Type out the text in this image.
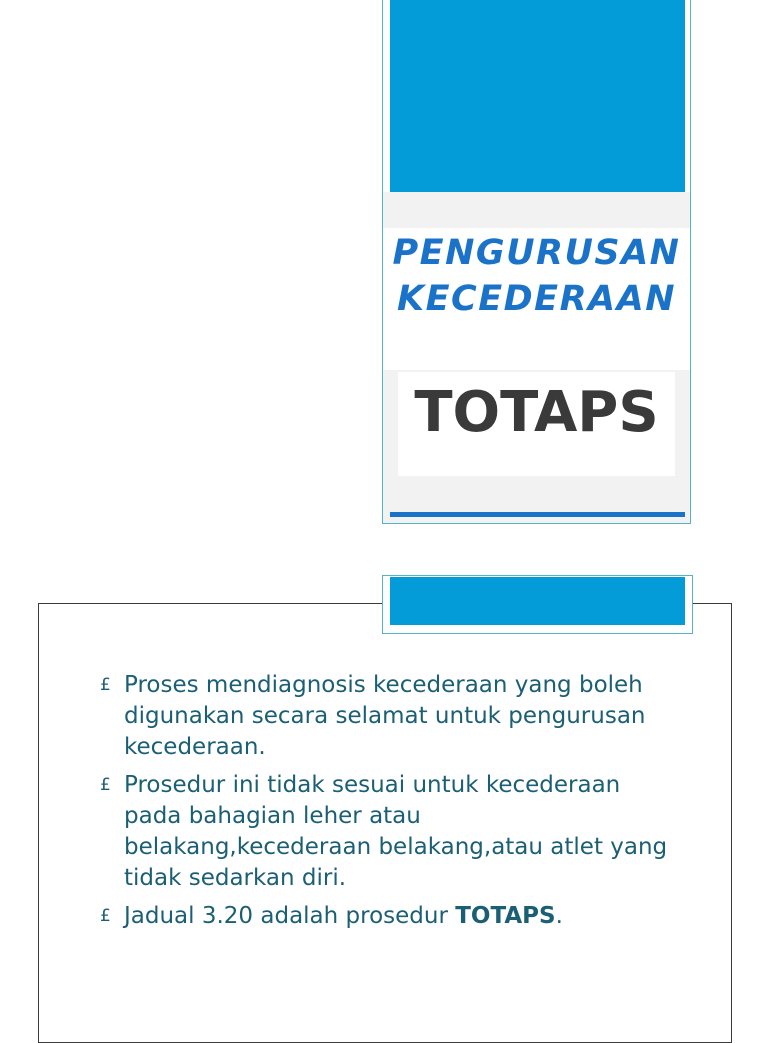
PENGURUSAN KECEDERAAN
TOTAPS
£ Proses mendiagnosis kecederaan yang boleh digunakan secara selamat untuk pengurusan kecederaan.
£ Prosedur ini tidak sesuai untuk kecederaan pada bahagian leher atau belakang,kecederaan belakang,atau atlet yang tidak sedarkan diri.
£ Jadual 3.20 adalah prosedur TOTAPS.
